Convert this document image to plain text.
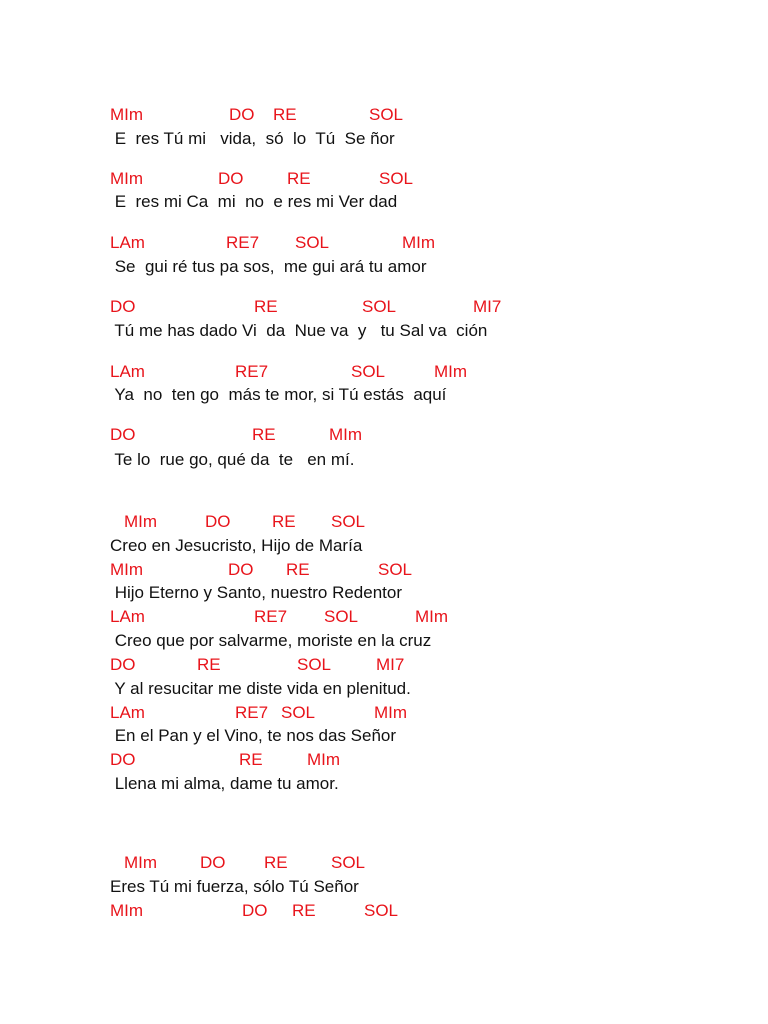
MIm

	DO

RE

	SOL

E  res Tú mi   vida,  só  lo  Tú  Se ñor

MIm

	DO

	RE

	SOL

E  res mi Ca  mi  no  e res mi Ver dad

LAm

	RE7

SOL

	MIm

Se  gui ré tus pa sos,  me gui ará tu amor

DO

	RE

	SOL

	MI7

Tú me has dado Vi  da  Nue va  y   tu Sal va  ción

LAm

	RE7

	SOL

	MIm

Ya  no  ten go  más te mor, si Tú estás  aquí

DO

	RE

	MIm

Te lo  rue go, qué da  te   en mí.

MIm

	DO

RE

SOL

Creo en Jesucristo, Hijo de María

MIm

	DO

RE

	SOL

Hijo Eterno y Santo, nuestro Redentor

LAm

	RE7

SOL

	MIm

Creo que por salvarme, moriste en la cruz

DO

	RE

	SOL

	MI7

Y al resucitar me diste vida en plenitud.

LAm

	RE7

SOL

	MIm

En el Pan y el Vino, te nos das Señor

DO

	RE

	MIm

Llena mi alma, dame tu amor.

MIm

	DO

RE

	SOL

Eres Tú mi fuerza, sólo Tú Señor

MIm

	DO

RE

	SOL
